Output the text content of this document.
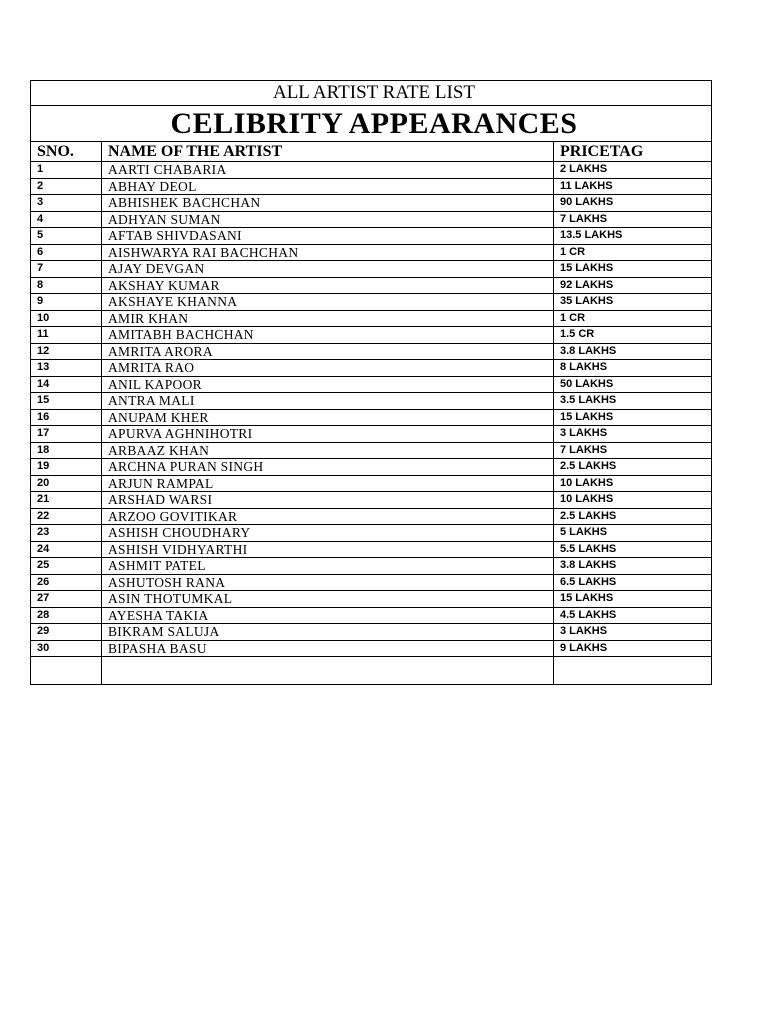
ALL ARTIST RATE LIST		
CELIBRITY APPEARANCES		
SNO.	NAME OF THE ARTIST	PRICETAG
1	AARTI CHABARIA	2 LAKHS
2	ABHAY DEOL	11 LAKHS
3	ABHISHEK BACHCHAN	90 LAKHS
4	ADHYAN SUMAN	7 LAKHS
5	AFTAB SHIVDASANI	13.5 LAKHS
6	AISHWARYA RAI BACHCHAN	1 CR
7	AJAY DEVGAN	15 LAKHS
8	AKSHAY KUMAR	92 LAKHS
9	AKSHAYE KHANNA	35 LAKHS
10	AMIR KHAN	1 CR
11	AMITABH BACHCHAN	1.5 CR
12	AMRITA ARORA	3.8 LAKHS
13	AMRITA RAO	8 LAKHS
14	ANIL KAPOOR	50 LAKHS
15	ANTRA MALI	3.5 LAKHS
16	ANUPAM KHER	15 LAKHS
17	APURVA AGHNIHOTRI	3 LAKHS
18	ARBAAZ KHAN	7 LAKHS
19	ARCHNA PURAN SINGH	2.5 LAKHS
20	ARJUN RAMPAL	10 LAKHS
21	ARSHAD WARSI	10 LAKHS
22	ARZOO GOVITIKAR	2.5 LAKHS
23	ASHISH CHOUDHARY	5 LAKHS
24	ASHISH VIDHYARTHI	5.5 LAKHS
25	ASHMIT PATEL	3.8 LAKHS
26	ASHUTOSH RANA	6.5 LAKHS
27	ASIN THOTUMKAL	15 LAKHS
28	AYESHA TAKIA	4.5 LAKHS
29	BIKRAM SALUJA	3 LAKHS
30	BIPASHA BASU	9 LAKHS
